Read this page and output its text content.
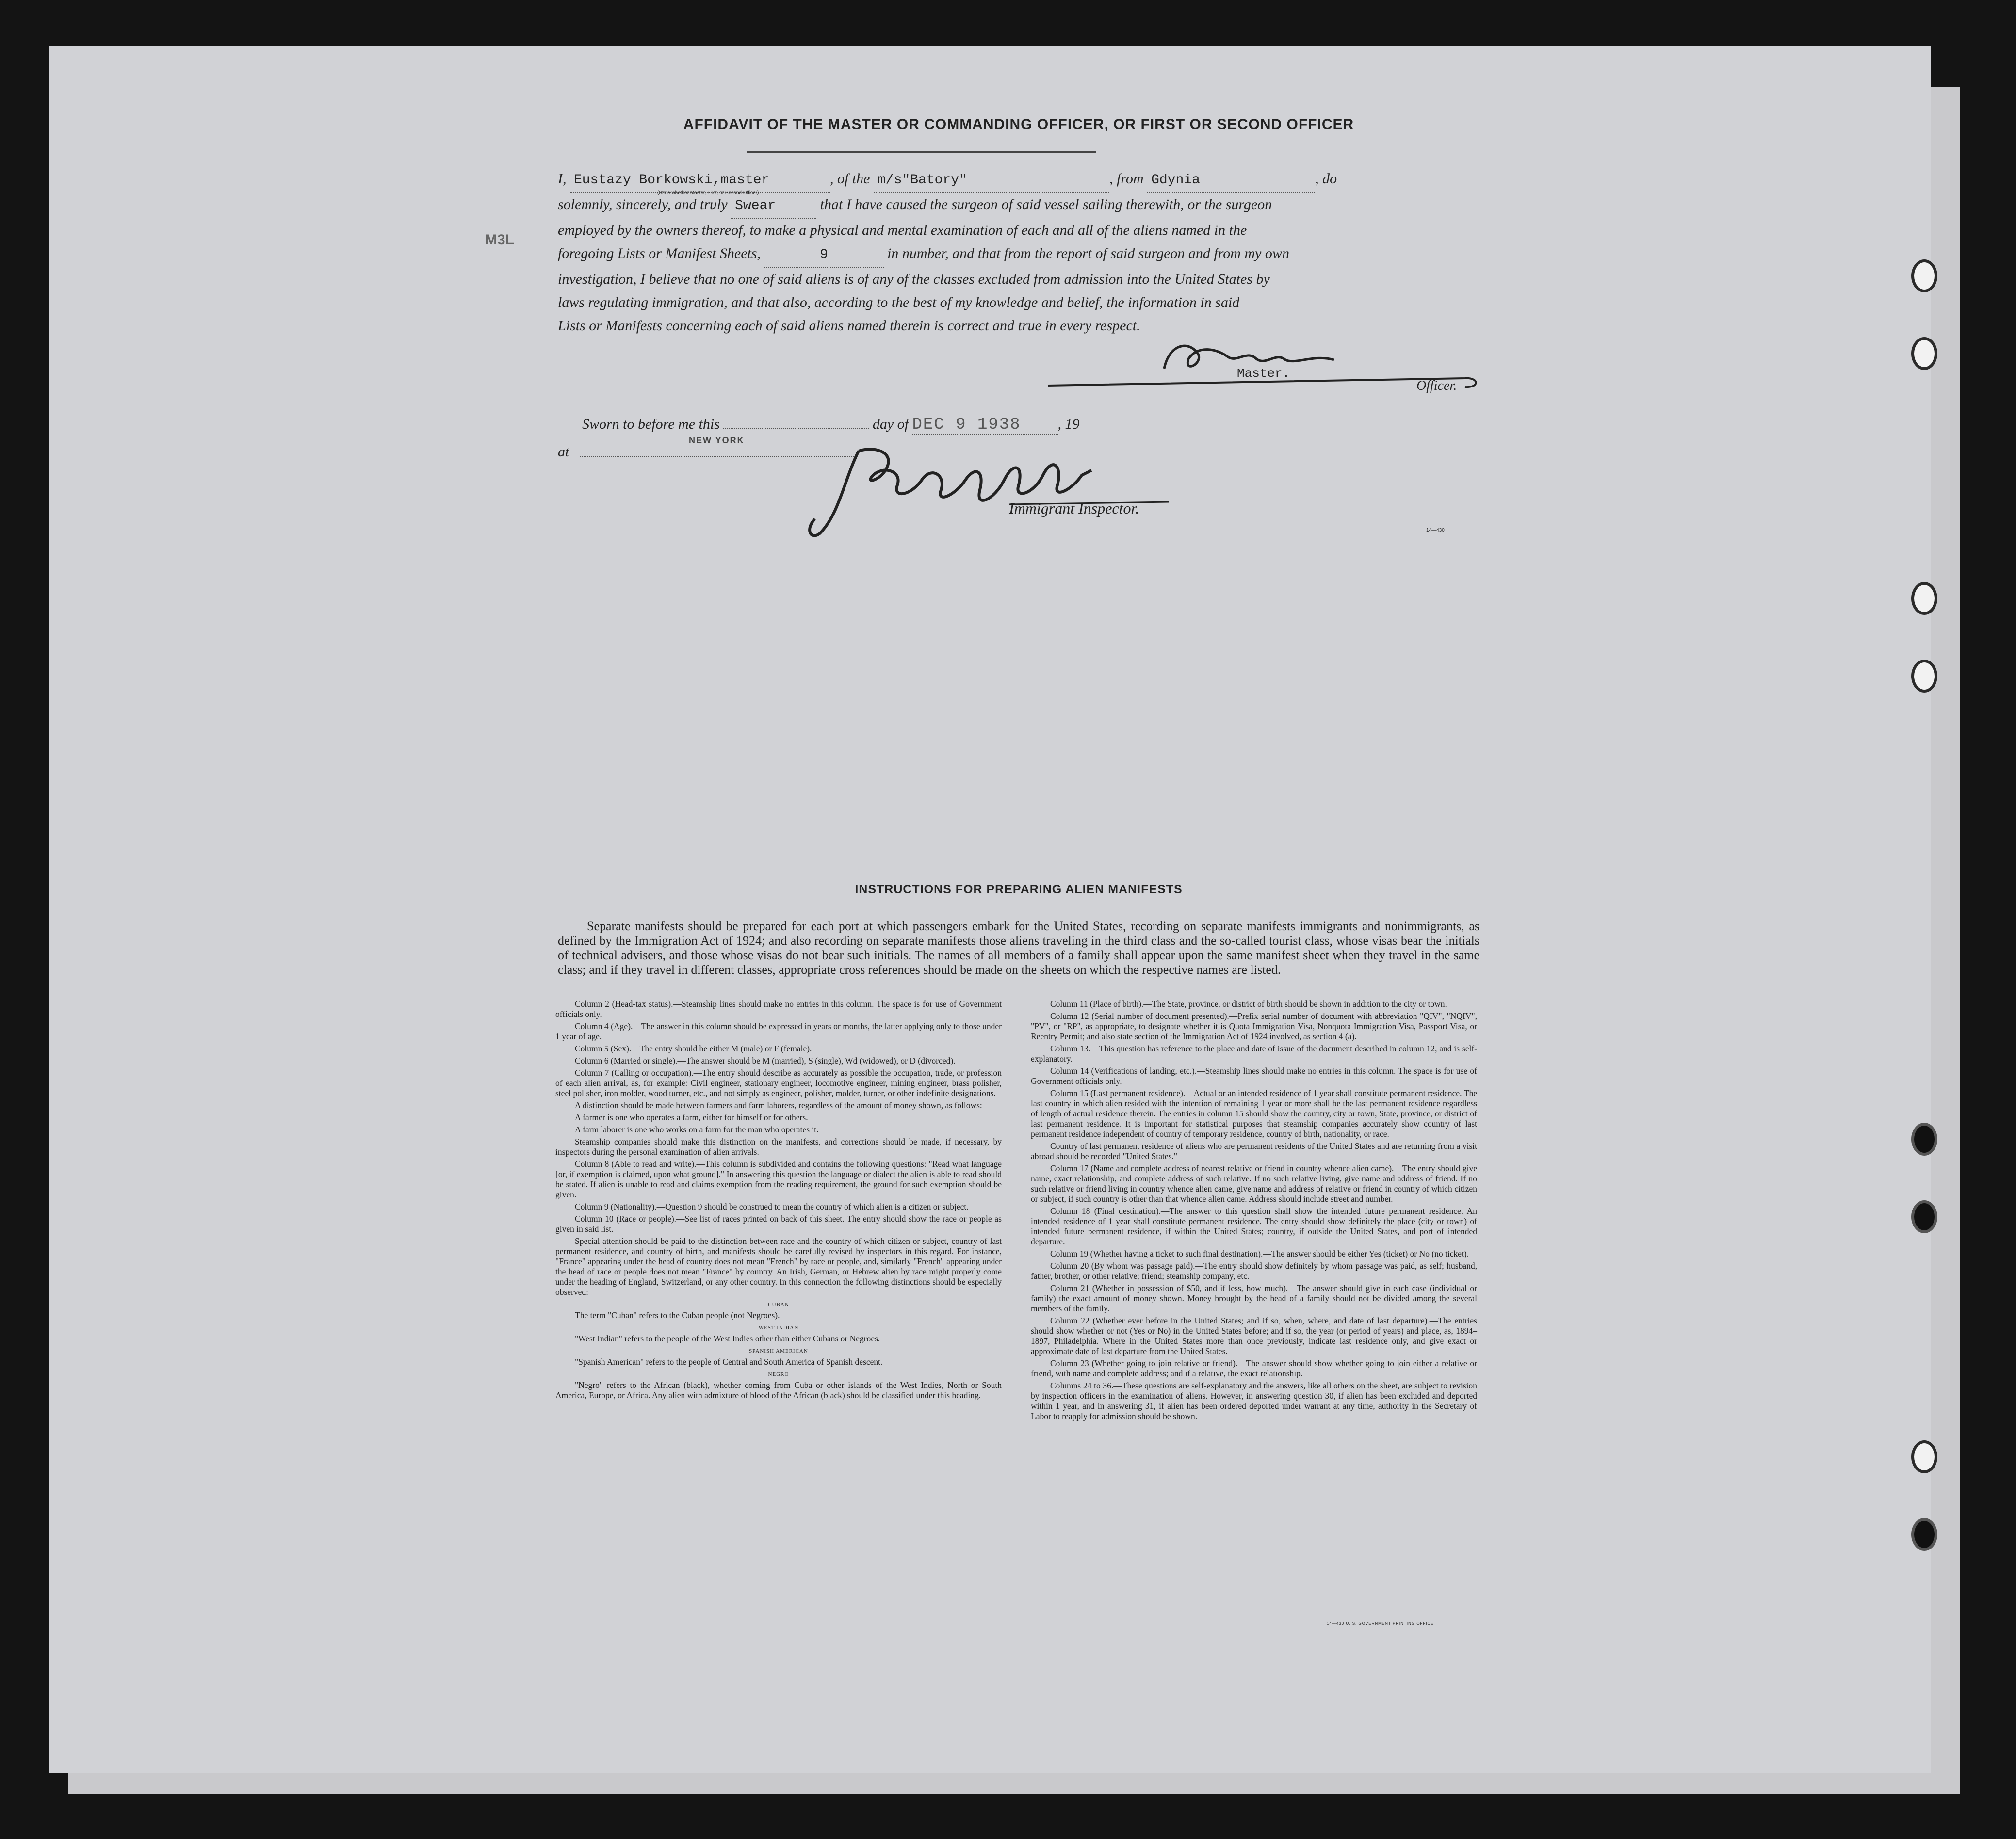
M3L
AFFIDAVIT OF THE MASTER OR COMMANDING OFFICER, OR FIRST OR SECOND OFFICER

I, Eustazy Borkowski,master	, of the m/s"Batory"	, from Gdynia	, do

solemnly, sincerely, and truly Swear	that I have caused the surgeon of said vessel sailing therewith, or the surgeon

employed by the owners thereof, to make a physical and mental examination of each and all of the aliens named in the

foregoing Lists or Manifest Sheets,	9	in number, and that from the report of said surgeon and from my own

investigation, I believe that no one of said aliens is of any of the classes excluded from admission into the United States by

laws regulating immigration, and that also, according to the best of my knowledge and belief, the information in said

Lists or Manifests concerning each of said aliens named therein is correct and true in every respect.

(State whether Master, First, or Second Officer)
Master.
Officer.
Sworn to before me this	day of DEC 9 1938	, 19
at
NEW YORK
Immigrant Inspector.
14—430
INSTRUCTIONS FOR PREPARING ALIEN MANIFESTS
Separate manifests should be prepared for each port at which passengers embark for the United States, recording on separate manifests immigrants and nonimmigrants, as defined by the Immigration Act of 1924; and also recording on separate manifests those aliens traveling in the third class and the so-called tourist class, whose visas bear the initials of technical advisers, and those whose visas do not bear such initials. The names of all members of a family shall appear upon the same manifest sheet when they travel in the same class; and if they travel in different classes, appropriate cross references should be made on the sheets on which the respective names are listed.

Column 2 (Head-tax status).—Steamship lines should make no entries in this column. The space is for use of Government officials only.

Column 4 (Age).—The answer in this column should be expressed in years or months, the latter applying only to those under 1 year of age.

Column 5 (Sex).—The entry should be either M (male) or F (female).

Column 6 (Married or single).—The answer should be M (married), S (single), Wd (widowed), or D (divorced).

Column 7 (Calling or occupation).—The entry should describe as accurately as possible the occupation, trade, or profession of each alien arrival, as, for example: Civil engineer, stationary engineer, locomotive engineer, mining engineer, brass polisher, steel polisher, iron molder, wood turner, etc., and not simply as engineer, polisher, molder, turner, or other indefinite designations.

A distinction should be made between farmers and farm laborers, regardless of the amount of money shown, as follows:

A farmer is one who operates a farm, either for himself or for others.

A farm laborer is one who works on a farm for the man who operates it.

Steamship companies should make this distinction on the manifests, and corrections should be made, if necessary, by inspectors during the personal examination of alien arrivals.

Column 8 (Able to read and write).—This column is subdivided and contains the following questions: "Read what language [or, if exemption is claimed, upon what ground]." In answering this question the language or dialect the alien is able to read should be stated. If alien is unable to read and claims exemption from the reading requirement, the ground for such exemption should be given.

Column 9 (Nationality).—Question 9 should be construed to mean the country of which alien is a citizen or subject.

Column 10 (Race or people).—See list of races printed on back of this sheet. The entry should show the race or people as given in said list.

Special attention should be paid to the distinction between race and the country of which citizen or subject, country of last permanent residence, and country of birth, and manifests should be carefully revised by inspectors in this regard. For instance, "France" appearing under the head of country does not mean "French" by race or people, and, similarly "French" appearing under the head of race or people does not mean "France" by country. An Irish, German, or Hebrew alien by race might properly come under the heading of England, Switzerland, or any other country. In this connection the following distinctions should be especially observed:

CUBAN

The term "Cuban" refers to the Cuban people (not Negroes).

WEST INDIAN

"West Indian" refers to the people of the West Indies other than either Cubans or Negroes.

SPANISH AMERICAN

"Spanish American" refers to the people of Central and South America of Spanish descent.

NEGRO

"Negro" refers to the African (black), whether coming from Cuba or other islands of the West Indies, North or South America, Europe, or Africa. Any alien with admixture of blood of the African (black) should be classified under this heading.

Column 11 (Place of birth).—The State, province, or district of birth should be shown in addition to the city or town.

Column 12 (Serial number of document presented).—Prefix serial number of document with abbreviation "QIV", "NQIV", "PV", or "RP", as appropriate, to designate whether it is Quota Immigration Visa, Nonquota Immigration Visa, Passport Visa, or Reentry Permit; and also state section of the Immigration Act of 1924 involved, as section 4 (a).

Column 13.—This question has reference to the place and date of issue of the document described in column 12, and is self-explanatory.

Column 14 (Verifications of landing, etc.).—Steamship lines should make no entries in this column. The space is for use of Government officials only.

Column 15 (Last permanent residence).—Actual or an intended residence of 1 year shall constitute permanent residence. The last country in which alien resided with the intention of remaining 1 year or more shall be the last permanent residence regardless of length of actual residence therein. The entries in column 15 should show the country, city or town, State, province, or district of last permanent residence. It is important for statistical purposes that steamship companies accurately show country of last permanent residence independent of country of temporary residence, country of birth, nationality, or race.

Country of last permanent residence of aliens who are permanent residents of the United States and are returning from a visit abroad should be recorded "United States."

Column 17 (Name and complete address of nearest relative or friend in country whence alien came).—The entry should give name, exact relationship, and complete address of such relative. If no such relative living, give name and address of friend. If no such relative or friend living in country whence alien came, give name and address of relative or friend in country of which citizen or subject, if such country is other than that whence alien came. Address should include street and number.

Column 18 (Final destination).—The answer to this question shall show the intended future permanent residence. An intended residence of 1 year shall constitute permanent residence. The entry should show definitely the place (city or town) of intended future permanent residence, if within the United States; country, if outside the United States, and port of intended departure.

Column 19 (Whether having a ticket to such final destination).—The answer should be either Yes (ticket) or No (no ticket).

Column 20 (By whom was passage paid).—The entry should show definitely by whom passage was paid, as self; husband, father, brother, or other relative; friend; steamship company, etc.

Column 21 (Whether in possession of $50, and if less, how much).—The answer should give in each case (individual or family) the exact amount of money shown. Money brought by the head of a family should not be divided among the several members of the family.

Column 22 (Whether ever before in the United States; and if so, when, where, and date of last departure).—The entries should show whether or not (Yes or No) in the United States before; and if so, the year (or period of years) and place, as, 1894–1897, Philadelphia. Where in the United States more than once previously, indicate last residence only, and give exact or approximate date of last departure from the United States.

Column 23 (Whether going to join relative or friend).—The answer should show whether going to join either a relative or friend, with name and complete address; and if a relative, the exact relationship.

Columns 24 to 36.—These questions are self-explanatory and the answers, like all others on the sheet, are subject to revision by inspection officers in the examination of aliens. However, in answering question 30, if alien has been excluded and deported within 1 year, and in answering 31, if alien has been ordered deported under warrant at any time, authority in the Secretary of Labor to reapply for admission should be shown.

14—430 U. S. GOVERNMENT PRINTING OFFICE
